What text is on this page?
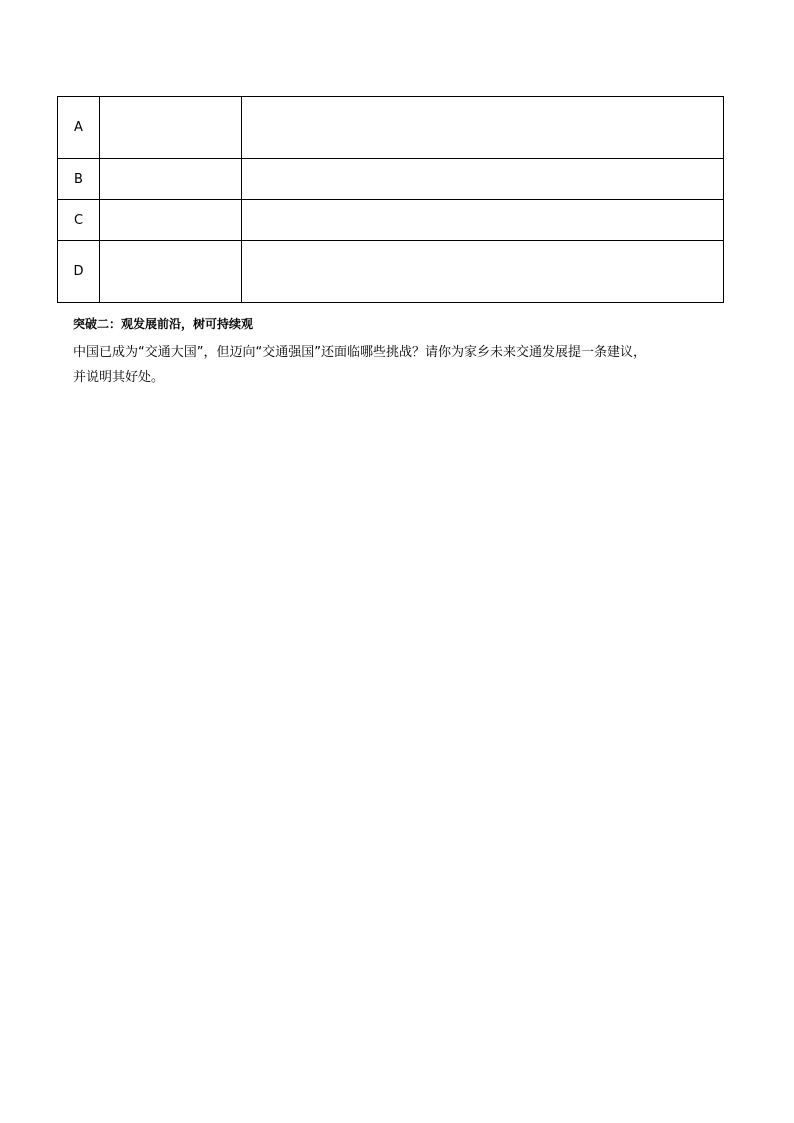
A		
B		
C		
D		
突破二：观发展前沿，树可持续观
中国已成为“交通大国”，但迈向“交通强国”还面临哪些挑战？请你为家乡未来交通发展提一条建议，
并说明其好处。
